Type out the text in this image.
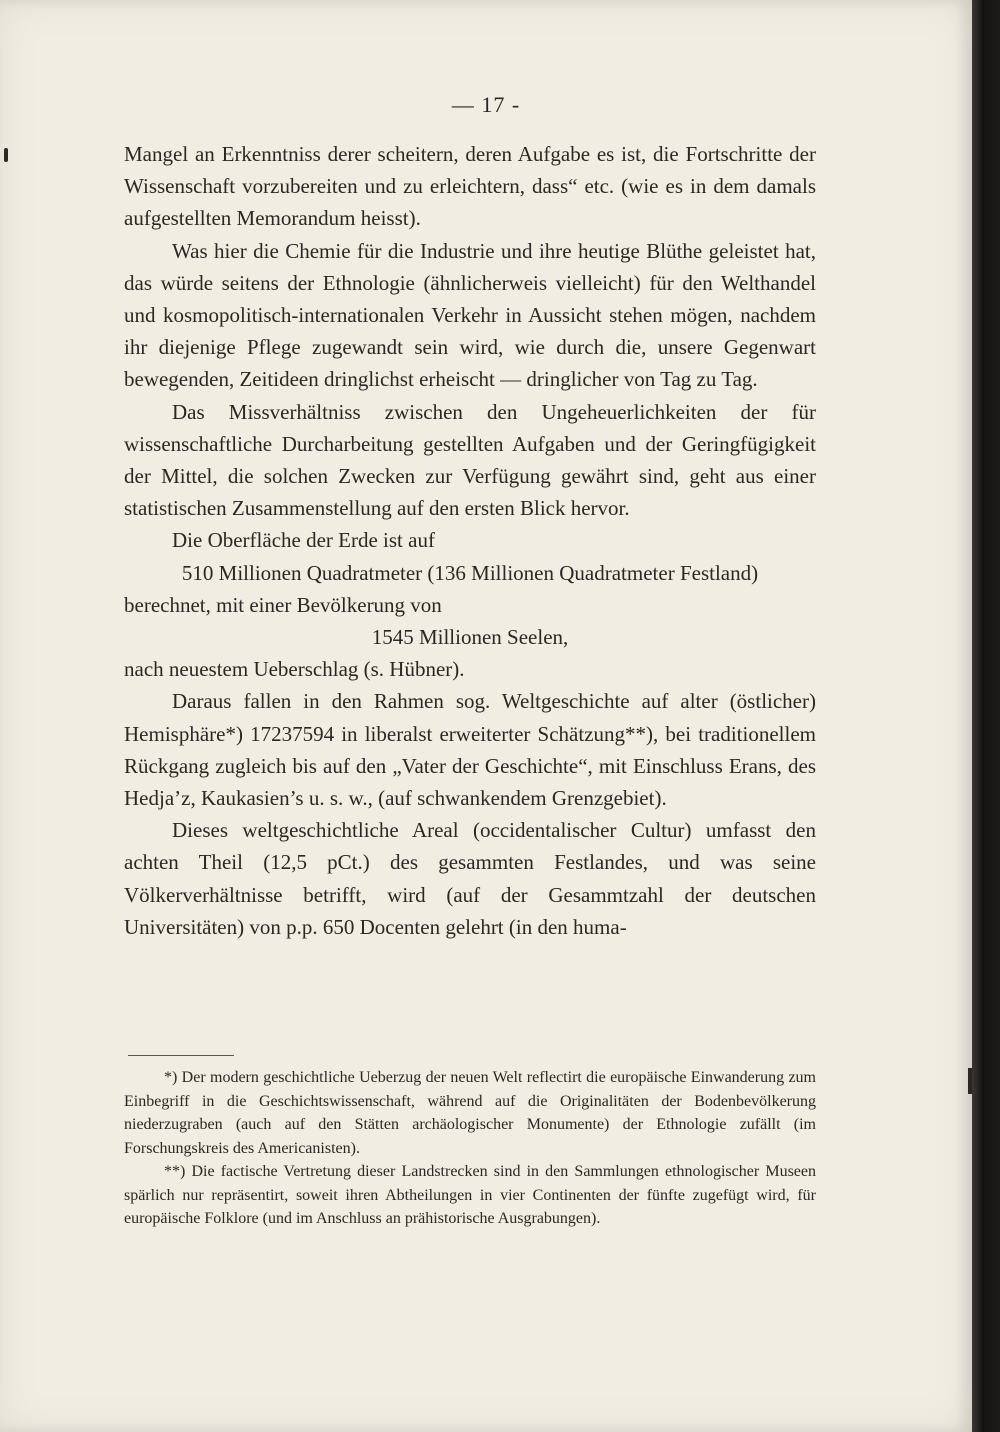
— 17 -

Mangel an Erkenntniss derer scheitern, deren Aufgabe es ist, die Fortschritte der Wissenschaft vorzubereiten und zu erleichtern, dass“ etc. (wie es in dem damals aufgestellten Memorandum heisst).

Was hier die Chemie für die Industrie und ihre heutige Blüthe geleistet hat, das würde seitens der Ethnologie (ähnlicherweis vielleicht) für den Welthandel und kosmopolitisch-internationalen Verkehr in Aussicht stehen mögen, nachdem ihr diejenige Pflege zugewandt sein wird, wie durch die, unsere Gegenwart bewegenden, Zeitideen dringlichst erheischt — dringlicher von Tag zu Tag.

Das Missverhältniss zwischen den Ungeheuerlichkeiten der für wissenschaftliche Durcharbeitung gestellten Aufgaben und der Geringfügigkeit der Mittel, die solchen Zwecken zur Verfügung gewährt sind, geht aus einer statistischen Zusammenstellung auf den ersten Blick hervor.

Die Oberfläche der Erde ist auf

510 Millionen Quadratmeter (136 Millionen Quadratmeter Festland)

berechnet, mit einer Bevölkerung von

1545 Millionen Seelen,

nach neuestem Ueberschlag (s. Hübner).

Daraus fallen in den Rahmen sog. Weltgeschichte auf alter (östlicher) Hemisphäre*) 17237594 in liberalst erweiterter Schätzung**), bei traditionellem Rückgang zugleich bis auf den „Vater der Geschichte“, mit Einschluss Erans, des Hedja’z, Kaukasien’s u. s. w., (auf schwankendem Grenzgebiet).

Dieses weltgeschichtliche Areal (occidentalischer Cultur) umfasst den achten Theil (12,5 pCt.) des gesammten Festlandes, und was seine Völkerverhältnisse betrifft, wird (auf der Gesammtzahl der deutschen Universitäten) von p.p. 650 Docenten gelehrt (in den huma-

*) Der modern geschichtliche Ueberzug der neuen Welt reflectirt die europäische Einwanderung zum Einbegriff in die Geschichtswissenschaft, während auf die Originalitäten der Bodenbevölkerung niederzugraben (auch auf den Stätten archäologischer Monumente) der Ethnologie zufällt (im Forschungskreis des Americanisten).

**) Die factische Vertretung dieser Landstrecken sind in den Sammlungen ethnologischer Museen spärlich nur repräsentirt, soweit ihren Abtheilungen in vier Continenten der fünfte zugefügt wird, für europäische Folklore (und im Anschluss an prähistorische Ausgrabungen).
